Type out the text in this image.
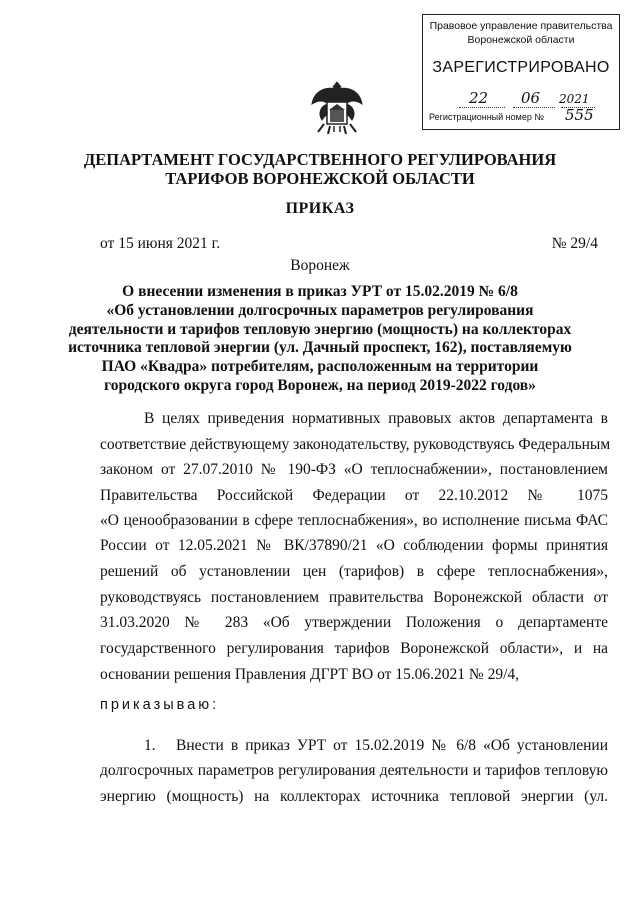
Правовое управление правительства
Воронежской области
ЗАРЕГИСТРИРОВАНО
22 06 2021
Регистрационный номер № 555
ДЕПАРТАМЕНТ ГОСУДАРСТВЕННОГО РЕГУЛИРОВАНИЯ
ТАРИФОВ ВОРОНЕЖСКОЙ ОБЛАСТИ
ПРИКАЗ
от 15 июня 2021 г.	№ 29/4
Воронеж
О внесении изменения в приказ УРТ от 15.02.2019 № 6/8
«Об установлении долгосрочных параметров регулирования
деятельности и тарифов тепловую энергию (мощность) на коллекторах
источника тепловой энергии (ул. Дачный проспект, 162), поставляемую
ПАО «Квадра» потребителям, расположенным на территории
городского округа город Воронеж, на период 2019-2022 годов»
В целях приведения нормативных правовых актов департамента в
соответствие действующему законодательству, руководствуясь Федеральным
законом от 27.07.2010 № 190-ФЗ «О теплоснабжении», постановлением
Правительства Российской Федерации от 22.10.2012 № 1075
«О ценообразовании в сфере теплоснабжения», во исполнение письма ФАС
России от 12.05.2021 № ВК/37890/21 «О соблюдении формы принятия
решений об установлении цен (тарифов) в сфере теплоснабжения»,
руководствуясь постановлением правительства Воронежской области от
31.03.2020 № 283 «Об утверждении Положения о департаменте
государственного регулирования тарифов Воронежской области», и на
основании решения Правления ДГРТ ВО от 15.06.2021 № 29/4,
приказываю:
1. Внести в приказ УРТ от 15.02.2019 № 6/8 «Об установлении
долгосрочных параметров регулирования деятельности и тарифов тепловую
энергию (мощность) на коллекторах источника тепловой энергии (ул.
